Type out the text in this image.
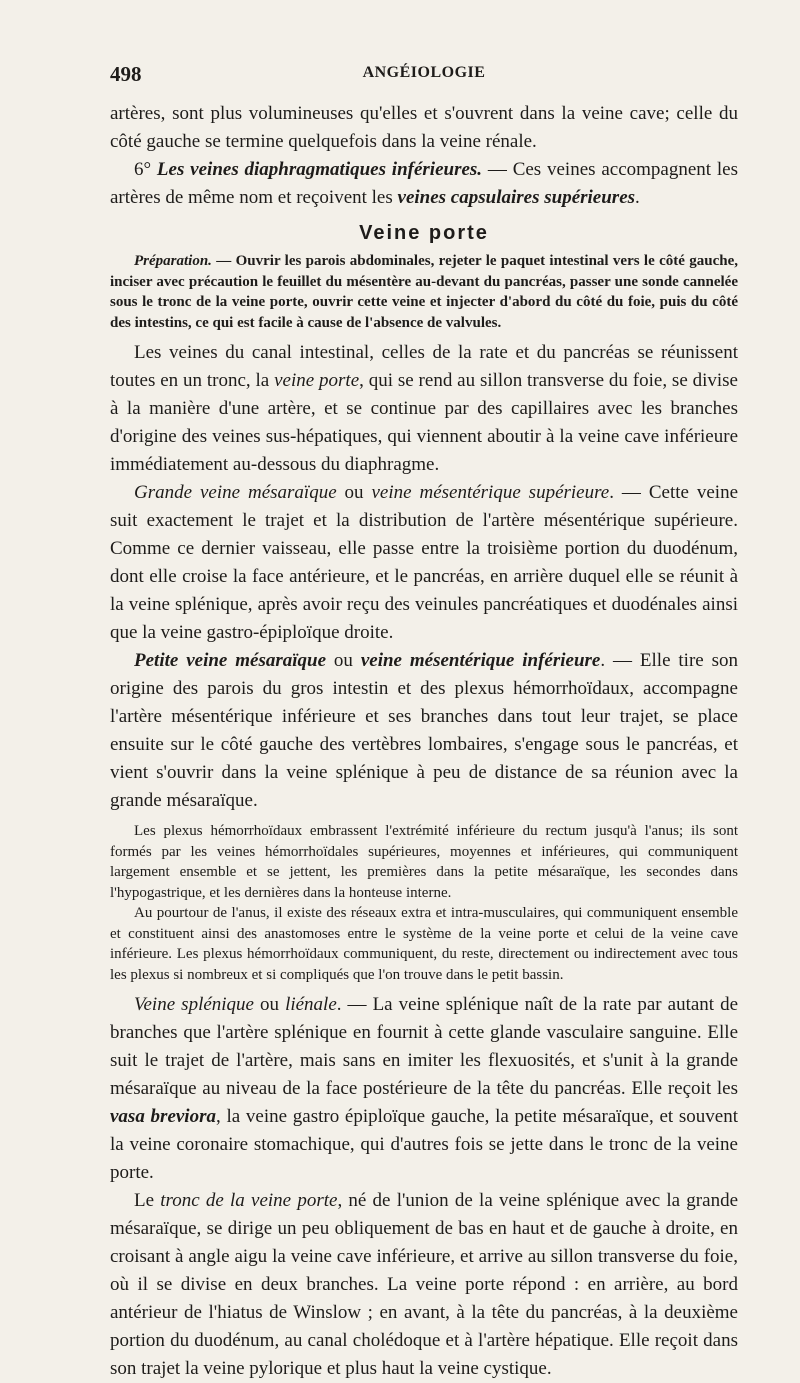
498	ANGÉIOLOGIE

artères, sont plus volumineuses qu'elles et s'ouvrent dans la veine cave; celle du côté gauche se termine quelquefois dans la veine rénale.

6° Les veines diaphragmatiques inférieures. — Ces veines accompagnent les artères de même nom et reçoivent les veines capsulaires supérieures.

Veine porte

Préparation. — Ouvrir les parois abdominales, rejeter le paquet intestinal vers le côté gauche, inciser avec précaution le feuillet du mésentère au-devant du pancréas, passer une sonde cannelée sous le tronc de la veine porte, ouvrir cette veine et injecter d'abord du côté du foie, puis du côté des intestins, ce qui est facile à cause de l'absence de valvules.

Les veines du canal intestinal, celles de la rate et du pancréas se réunissent toutes en un tronc, la veine porte, qui se rend au sillon transverse du foie, se divise à la manière d'une artère, et se continue par des capillaires avec les branches d'origine des veines sus-hépatiques, qui viennent aboutir à la veine cave inférieure immédiatement au-dessous du diaphragme.

Grande veine mésaraïque ou veine mésentérique supérieure. — Cette veine suit exactement le trajet et la distribution de l'artère mésentérique supérieure. Comme ce dernier vaisseau, elle passe entre la troisième portion du duodénum, dont elle croise la face antérieure, et le pancréas, en arrière duquel elle se réunit à la veine splénique, après avoir reçu des veinules pancréatiques et duodénales ainsi que la veine gastro-épiploïque droite.

Petite veine mésaraïque ou veine mésentérique inférieure. — Elle tire son origine des parois du gros intestin et des plexus hémorrhoïdaux, accompagne l'artère mésentérique inférieure et ses branches dans tout leur trajet, se place ensuite sur le côté gauche des vertèbres lombaires, s'engage sous le pancréas, et vient s'ouvrir dans la veine splénique à peu de distance de sa réunion avec la grande mésaraïque.

Les plexus hémorrhoïdaux embrassent l'extrémité inférieure du rectum jusqu'à l'anus; ils sont formés par les veines hémorrhoïdales supérieures, moyennes et inférieures, qui communiquent largement ensemble et se jettent, les premières dans la petite mésaraïque, les secondes dans l'hypogastrique, et les dernières dans la honteuse interne.

Au pourtour de l'anus, il existe des réseaux extra et intra-musculaires, qui communiquent ensemble et constituent ainsi des anastomoses entre le système de la veine porte et celui de la veine cave inférieure. Les plexus hémorrhoïdaux communiquent, du reste, directement ou indirectement avec tous les plexus si nombreux et si compliqués que l'on trouve dans le petit bassin.

Veine splénique ou liénale. — La veine splénique naît de la rate par autant de branches que l'artère splénique en fournit à cette glande vasculaire sanguine. Elle suit le trajet de l'artère, mais sans en imiter les flexuosités, et s'unit à la grande mésaraïque au niveau de la face postérieure de la tête du pancréas. Elle reçoit les vasa breviora, la veine gastro épiploïque gauche, la petite mésaraïque, et souvent la veine coronaire stomachique, qui d'autres fois se jette dans le tronc de la veine porte.

Le tronc de la veine porte, né de l'union de la veine splénique avec la grande mésaraïque, se dirige un peu obliquement de bas en haut et de gauche à droite, en croisant à angle aigu la veine cave inférieure, et arrive au sillon transverse du foie, où il se divise en deux branches. La veine porte répond : en arrière, au bord antérieur de l'hiatus de Winslow ; en avant, à la tête du pancréas, à la deuxième portion du duodénum, au canal cholédoque et à l'artère hépatique. Elle reçoit dans son trajet la veine pylorique et plus haut la veine cystique.
